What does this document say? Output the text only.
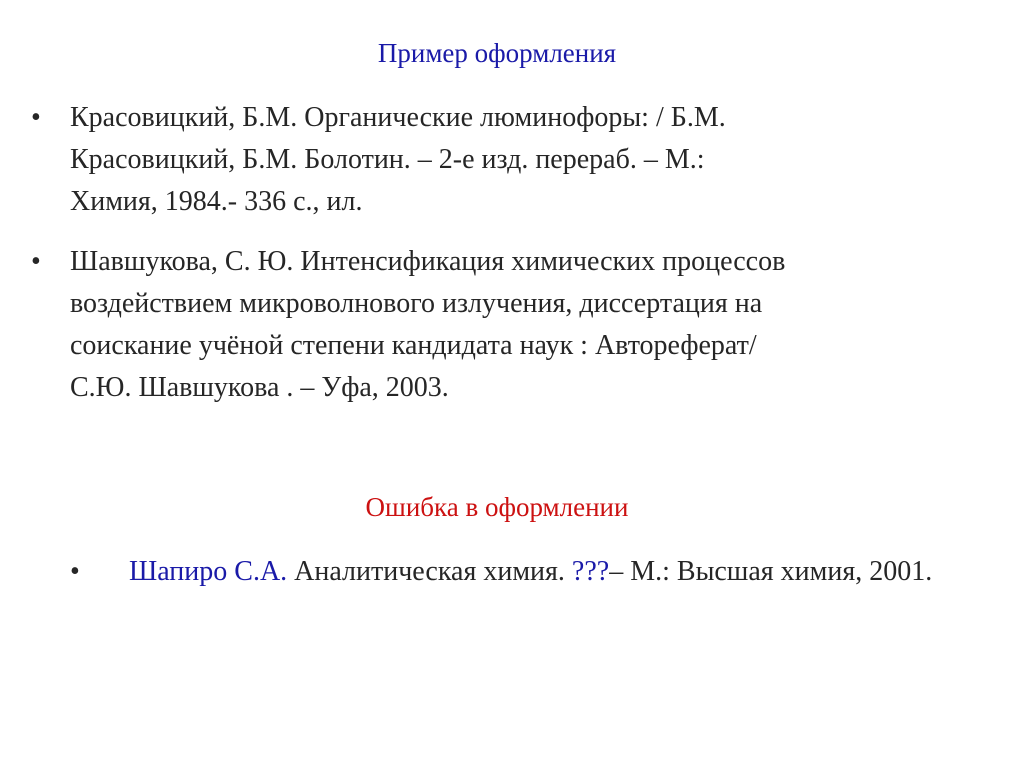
Пример оформления
• Красовицкий, Б.М. Органические люминофоры: / Б.М.
Красовицкий, Б.М. Болотин. – 2-е изд. перераб. – М.:
Химия, 1984.- 336 с., ил.
• Шавшукова, С. Ю. Интенсификация химических процессов
воздействием микроволнового излучения, диссертация на
соискание учёной степени кандидата наук : Автореферат/
С.Ю. Шавшукова . – Уфа, 2003.
Ошибка в оформлении
• Шапиро С.А. Аналитическая химия. ???– М.: Высшая химия, 2001.
